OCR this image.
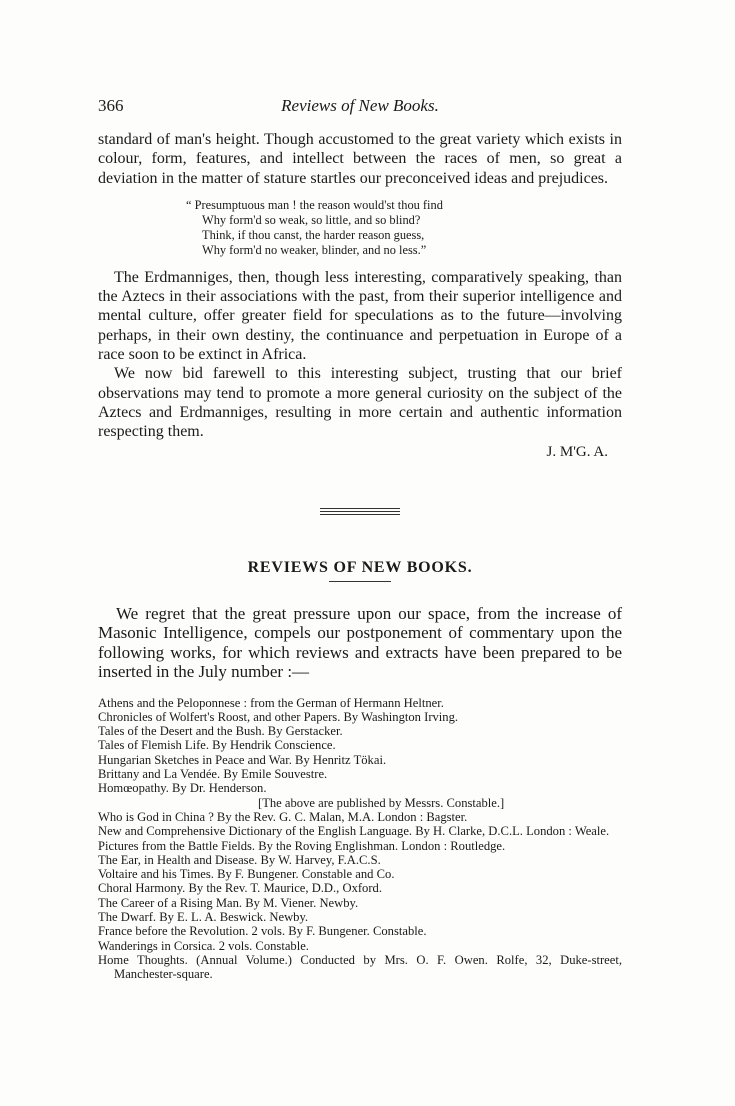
366	Reviews of New Books.

standard of man's height. Though accustomed to the great variety which exists in colour, form, features, and intellect between the races of men, so great a deviation in the matter of stature startles our preconceived ideas and prejudices.

“ Presumptuous man ! the reason would'st thou find
Why form'd so weak, so little, and so blind?
Think, if thou canst, the harder reason guess,
Why form'd no weaker, blinder, and no less.”

The Erdmanniges, then, though less interesting, comparatively speaking, than the Aztecs in their associations with the past, from their superior intelligence and mental culture, offer greater field for speculations as to the future—involving perhaps, in their own destiny, the continuance and perpetuation in Europe of a race soon to be extinct in Africa.

We now bid farewell to this interesting subject, trusting that our brief observations may tend to promote a more general curiosity on the subject of the Aztecs and Erdmanniges, resulting in more certain and authentic information respecting them.

J. M'G. A.
REVIEWS OF NEW BOOKS.

We regret that the great pressure upon our space, from the increase of Masonic Intelligence, compels our postponement of commentary upon the following works, for which reviews and extracts have been prepared to be inserted in the July number :—

Athens and the Peloponnese : from the German of Hermann Heltner.
Chronicles of Wolfert's Roost, and other Papers. By Washington Irving.
Tales of the Desert and the Bush. By Gerstacker.
Tales of Flemish Life. By Hendrik Conscience.
Hungarian Sketches in Peace and War. By Henritz Tökai.
Brittany and La Vendée. By Emile Souvestre.
Homœopathy. By Dr. Henderson.
[The above are published by Messrs. Constable.]
Who is God in China ? By the Rev. G. C. Malan, M.A. London : Bagster.
New and Comprehensive Dictionary of the English Language. By H. Clarke, D.C.L. London : Weale.
Pictures from the Battle Fields. By the Roving Englishman. London : Routledge.
The Ear, in Health and Disease. By W. Harvey, F.A.C.S.
Voltaire and his Times. By F. Bungener. Constable and Co.
Choral Harmony. By the Rev. T. Maurice, D.D., Oxford.
The Career of a Rising Man. By M. Viener. Newby.
The Dwarf. By E. L. A. Beswick. Newby.
France before the Revolution. 2 vols. By F. Bungener. Constable.
Wanderings in Corsica. 2 vols. Constable.
Home Thoughts. (Annual Volume.) Conducted by Mrs. O. F. Owen. Rolfe, 32, Duke-street, Manchester-square.
